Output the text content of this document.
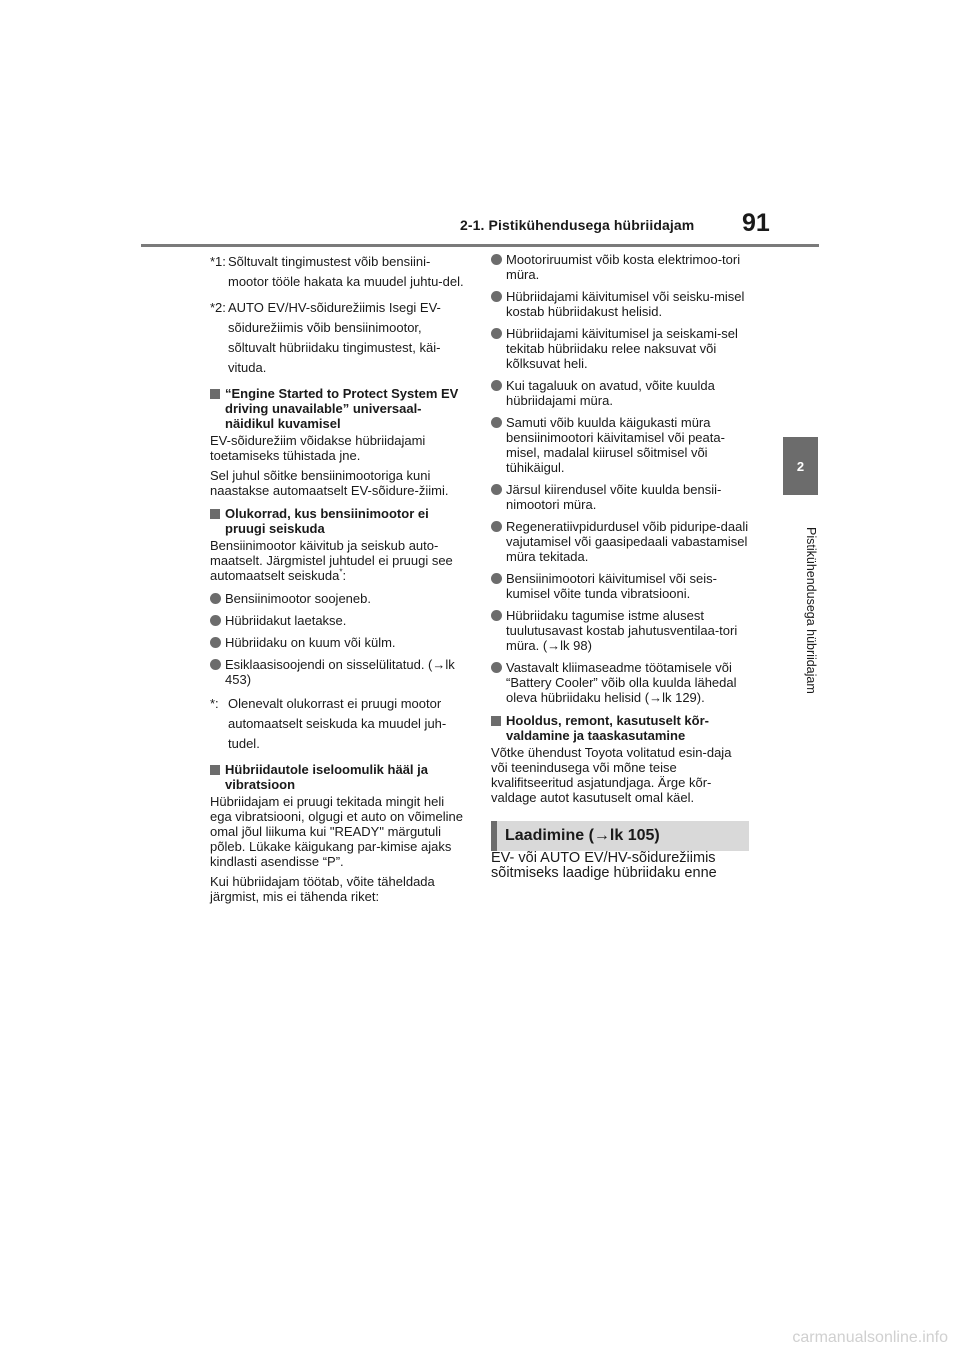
2-1. Pistikühendusega hübriidajam 91
2
Pistikühendusega hübriidajam
*1: Sõltuvalt tingimustest võib bensiini-mootor tööle hakata ka muudel juhtu-del.
*2: AUTO EV/HV-sõidurežiimis Isegi EV-sõidurežiimis võib bensiinimootor, sõltuvalt hübriidaku tingimustest, käi-vituda.
“Engine Started to Protect System EV driving unavailable” universaal-näidikul kuvamisel

EV-sõidurežiim võidakse hübriidajami toetamiseks tühistada jne.

Sel juhul sõitke bensiinimootoriga kuni naastakse automaatselt EV-sõidure-žiimi.

Olukorrad, kus bensiinimootor ei pruugi seiskuda

Bensiinimootor käivitub ja seiskub auto-maatselt. Järgmistel juhtudel ei pruugi see automaatselt seiskuda*:

Bensiinimootor soojeneb.
Hübriidakut laetakse.
Hübriidaku on kuum või külm.
Esiklaasisoojendi on sisselülitatud. (→lk 453)
*: Olenevalt olukorrast ei pruugi mootor automaatselt seiskuda ka muudel juh-tudel.
Hübriidautole iseloomulik hääl ja vibratsioon

Hübriidajam ei pruugi tekitada mingit heli ega vibratsiooni, olgugi et auto on võimeline omal jõul liikuma kui "READY" märgutuli põleb. Lükake käigukang par-kimise ajaks kindlasti asendisse “P”.

Kui hübriidajam töötab, võite täheldada järgmist, mis ei tähenda riket:

Mootoriruumist võib kosta elektrimoo-tori müra.
Hübriidajami käivitumisel või seisku-misel kostab hübriidakust helisid.
Hübriidajami käivitumisel ja seiskami-sel tekitab hübriidaku relee naksuvat või kõlksuvat heli.
Kui tagaluuk on avatud, võite kuulda hübriidajami müra.
Samuti võib kuulda käigukasti müra bensiinimootori käivitamisel või peata-misel, madalal kiirusel sõitmisel või tühikäigul.
Järsul kiirendusel võite kuulda bensii-nimootori müra.
Regeneratiivpidurdusel võib piduripe-daali vajutamisel või gaasipedaali vabastamisel müra tekitada.
Bensiinimootori käivitumisel või seis-kumisel võite tunda vibratsiooni.
Hübriidaku tagumise istme alusest tuulutusavast kostab jahutusventilaa-tori müra. (→lk 98)
Vastavalt kliimaseadme töötamisele või “Battery Cooler” võib olla kuulda lähedal oleva hübriidaku helisid (→lk 129).
Hooldus, remont, kasutuselt kõr-valdamine ja taaskasutamine

Võtke ühendust Toyota volitatud esin-daja või teenindusega või mõne teise kvalifitseeritud asjatundjaga. Ärge kõr-valdage autot kasutuselt omal käel.

Laadimine (→lk 105)

EV- või AUTO EV/HV-sõidurežiimis sõitmiseks laadige hübriidaku enne

carmanualsonline.info
